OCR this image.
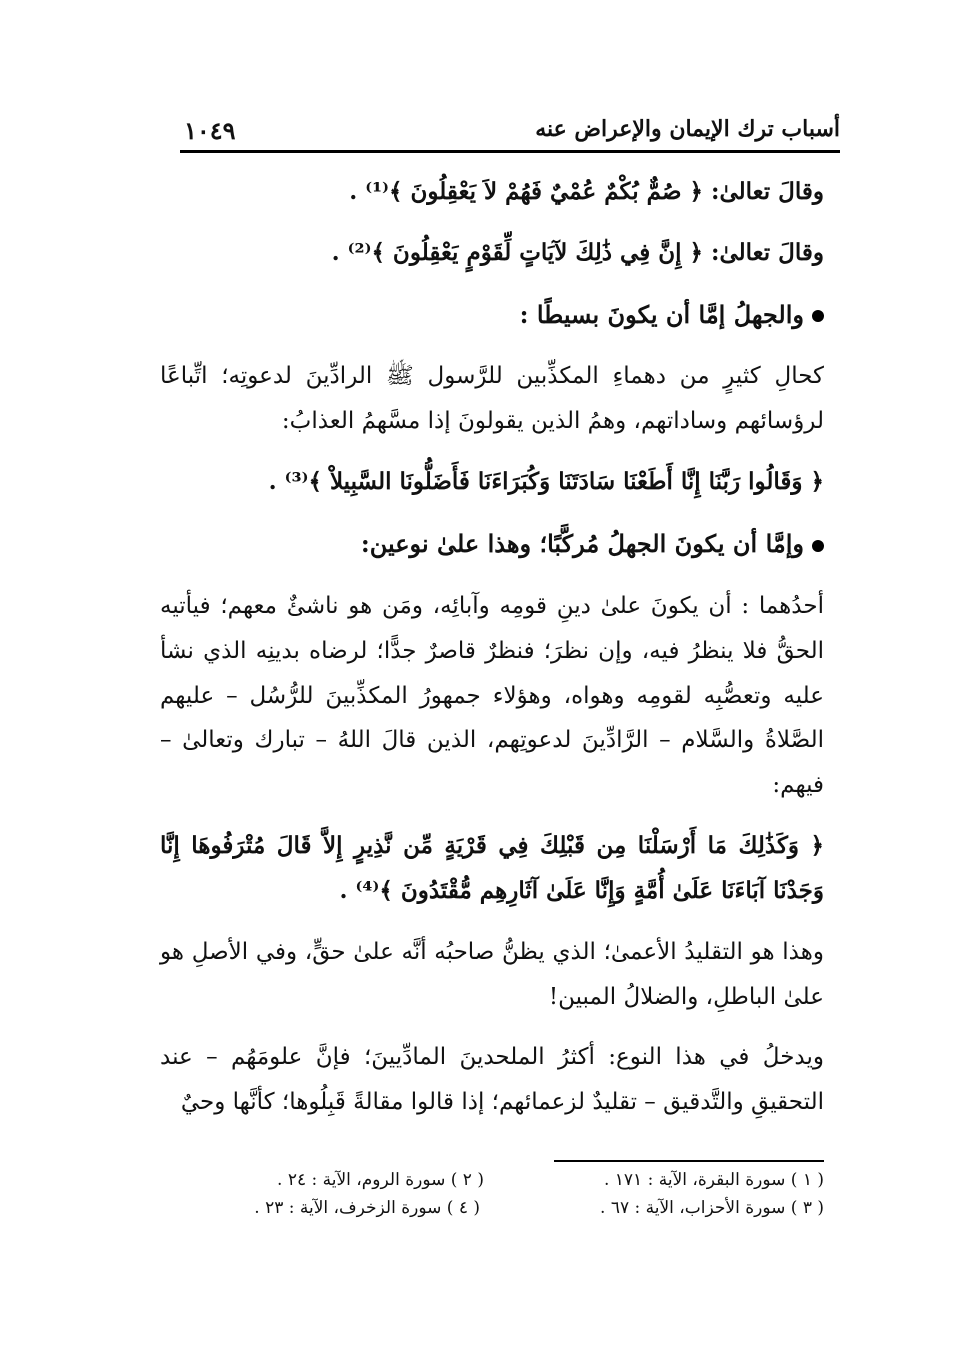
أسباب ترك الإيمان والإعراض عنه
١٠٤٩

وقالَ تعالىٰ: ﴿ صُمٌّ بُكْمٌ عُمْيٌ فَهُمْ لاَ يَعْقِلُونَ ﴾⁽¹⁾ .

وقالَ تعالىٰ: ﴿ إِنَّ فِي ذَٰلِكَ لآيَاتٍ لِّقَوْمٍ يَعْقِلُونَ ﴾⁽²⁾ .

والجهلُ إمَّا أن يكونَ بسيطًا :

كحالِ كثيرٍ من دهماءِ المكذِّبين للرَّسول ﷺ الرادِّينَ لدعوتِه؛ اتِّباعًا لرؤسائهم وساداتهم، وهمُ الذين يقولونَ إذا مسَّهمُ العذابُ:

﴿ وَقَالُوا رَبَّنَا إِنَّا أَطَعْنَا سَادَتَنَا وَكُبَرَاءَنَا فَأَضَلُّونَا السَّبِيلاْ ﴾⁽³⁾ .

وإمَّا أن يكونَ الجهلُ مُركَّبًا؛ وهذا علىٰ نوعين:

أحدُهما : أن يكونَ علىٰ دينِ قومِه وآبائِه، ومَن هو ناشئٌ معهم؛ فيأتيه الحقُّ فلا ينظرُ فيه، وإن نظرَ؛ فنظرٌ قاصرٌ جدًّا؛ لرضاه بدينِه الذي نشأ عليه وتعصُّبِه لقومِه وهواه، وهؤلاء جمهورُ المكذِّبينَ للرُّسُل – عليهم الصَّلاةُ والسَّلام – الرَّادِّينَ لدعوتِهم، الذين قالَ اللهُ – تبارك وتعالىٰ – فيهم:

﴿ وَكَذَٰلِكَ مَا أَرْسَلْنَا مِن قَبْلِكَ فِي قَرْيَةٍ مِّن نَّذِيرٍ إِلاَّ قَالَ مُتْرَفُوهَا إِنَّا وَجَدْنَا آبَاءَنَا عَلَىٰ أُمَّةٍ وَإِنَّا عَلَىٰ آثَارِهِم مُّقْتَدُونَ ﴾⁽⁴⁾ .

وهذا هو التقليدُ الأعمىٰ؛ الذي يظنُّ صاحبُه أنَّه علىٰ حقٍّ، وفي الأصلِ هو علىٰ الباطلِ، والضلالُ المبين!

ويدخلُ في هذا النوع: أكثرُ الملحدينَ المادِّيينَ؛ فإنَّ علومَهُم – عند التحقيقِ والتَّدقيق – تقليدٌ لزعمائهم؛ إذا قالوا مقالةً قَبِلُوها؛ كأنَّها وحيٌ

( ١ ) سورة البقرة، الآية : ١٧١ .
( ٢ ) سورة الروم، الآية : ٢٤ .
( ٣ ) سورة الأحزاب، الآية : ٦٧ .
( ٤ ) سورة الزخرف، الآية : ٢٣ .
